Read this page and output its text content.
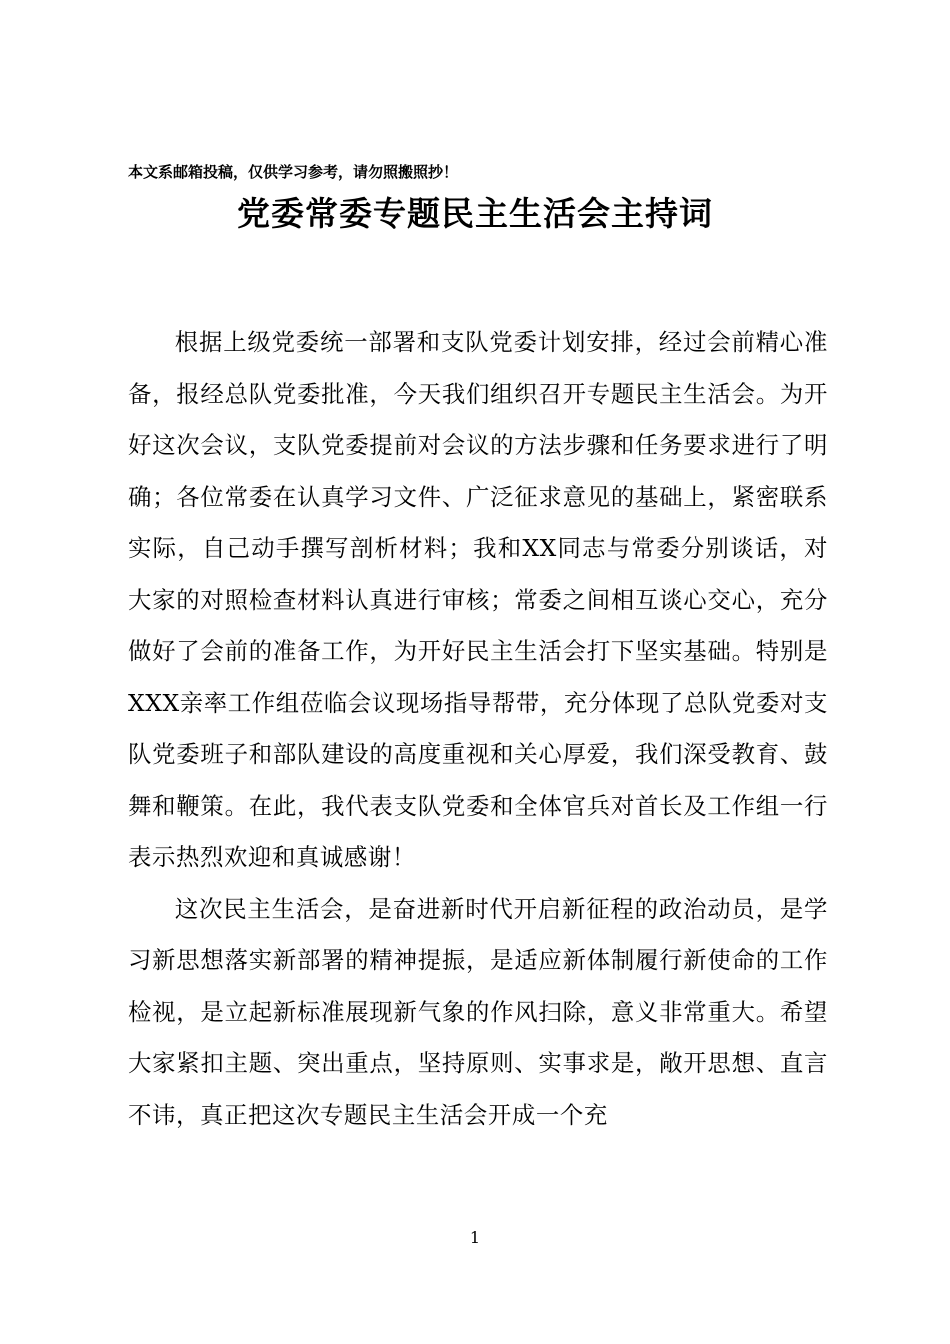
本文系邮箱投稿，仅供学习参考，请勿照搬照抄！
党委常委专题民主生活会主持词

根据上级党委统一部署和支队党委计划安排，经过会前精心准备，报经总队党委批准，今天我们组织召开专题民主生活会。为开好这次会议，支队党委提前对会议的方法步骤和任务要求进行了明确；各位常委在认真学习文件、广泛征求意见的基础上，紧密联系实际，自己动手撰写剖析材料；我和XX同志与常委分别谈话，对大家的对照检查材料认真进行审核；常委之间相互谈心交心，充分做好了会前的准备工作，为开好民主生活会打下坚实基础。特别是XXX亲率工作组莅临会议现场指导帮带，充分体现了总队党委对支队党委班子和部队建设的高度重视和关心厚爱，我们深受教育、鼓舞和鞭策。在此，我代表支队党委和全体官兵对首长及工作组一行表示热烈欢迎和真诚感谢！

这次民主生活会，是奋进新时代开启新征程的政治动员，是学习新思想落实新部署的精神提振，是适应新体制履行新使命的工作检视，是立起新标准展现新气象的作风扫除，意义非常重大。希望大家紧扣主题、突出重点，坚持原则、实事求是，敞开思想、直言不讳，真正把这次专题民主生活会开成一个充

1
